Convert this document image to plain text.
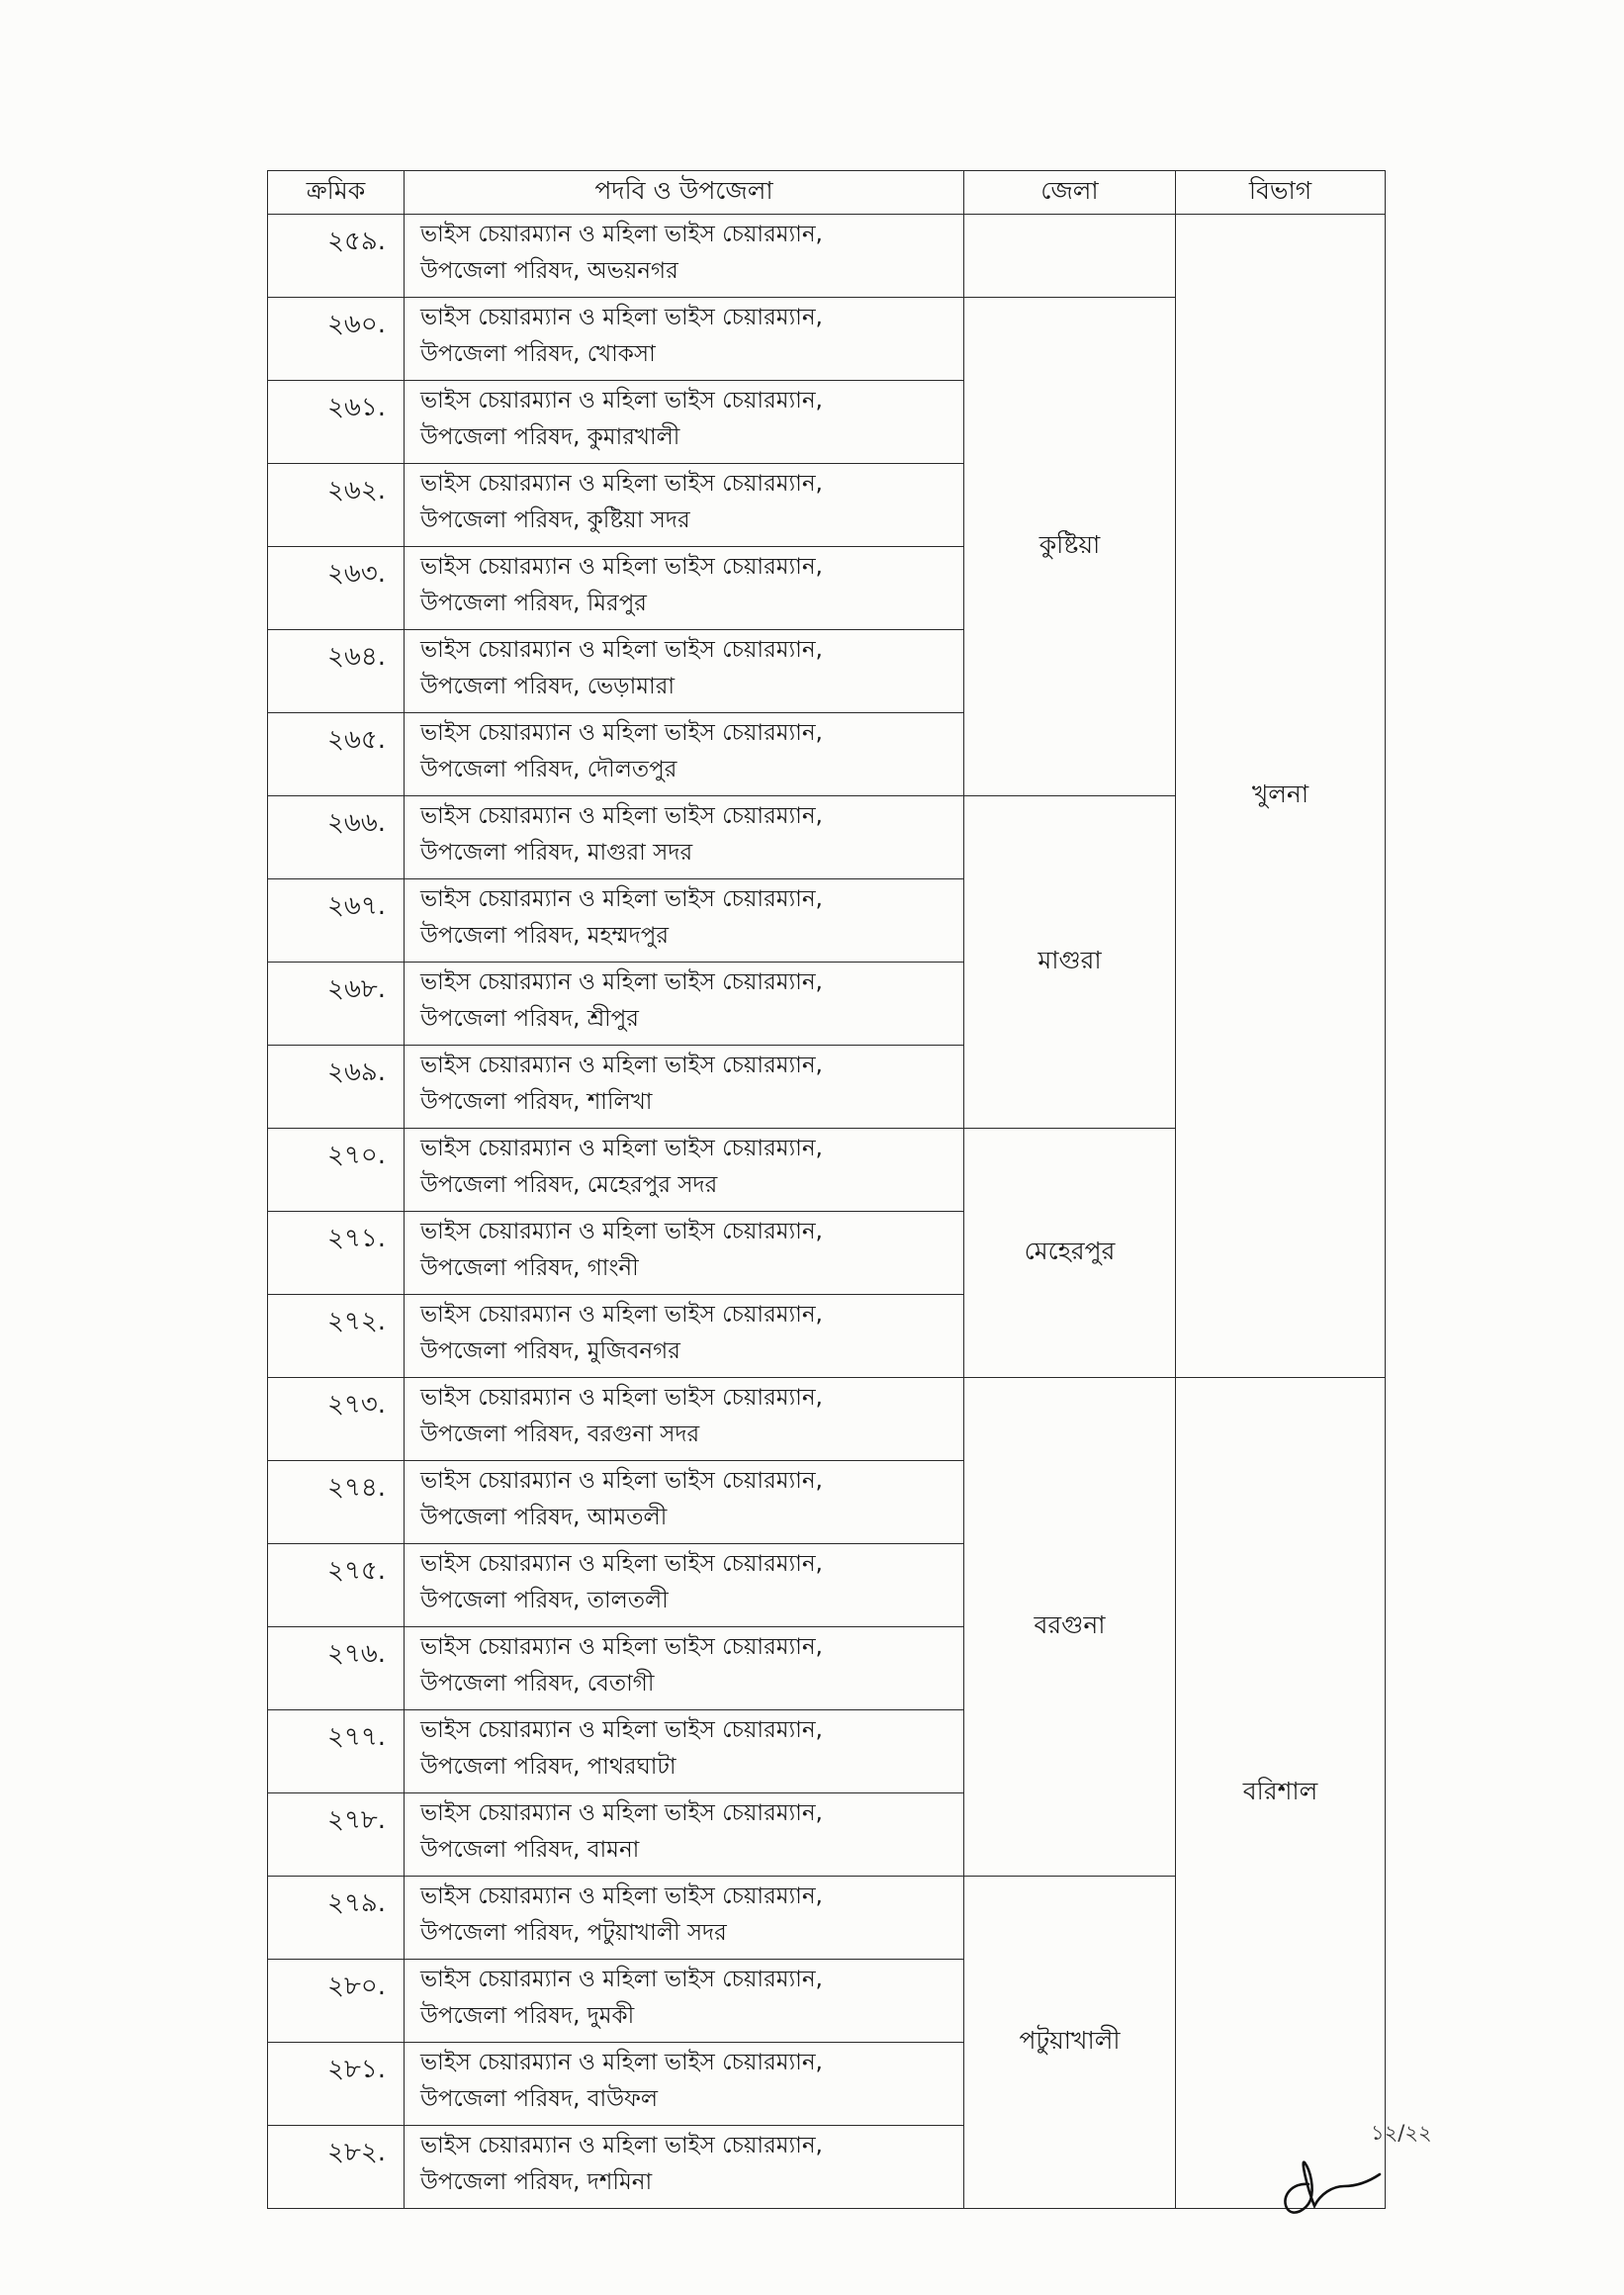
ক্রমিক	পদবি ও উপজেলা	জেলা	বিভাগ
২৫৯.	ভাইস চেয়ারম্যান ও মহিলা ভাইস চেয়ারম্যান,
উপজেলা পরিষদ, অভয়নগর		খুলনা
২৬০.	ভাইস চেয়ারম্যান ও মহিলা ভাইস চেয়ারম্যান,
উপজেলা পরিষদ, খোকসা	কুষ্টিয়া	
২৬১.	ভাইস চেয়ারম্যান ও মহিলা ভাইস চেয়ারম্যান,
উপজেলা পরিষদ, কুমারখালী		

২৬২.	ভাইস চেয়ারম্যান ও মহিলা ভাইস চেয়ারম্যান,
উপজেলা পরিষদ, কুষ্টিয়া সদর		

২৬৩.	ভাইস চেয়ারম্যান ও মহিলা ভাইস চেয়ারম্যান,
উপজেলা পরিষদ, মিরপুর		

২৬৪.	ভাইস চেয়ারম্যান ও মহিলা ভাইস চেয়ারম্যান,
উপজেলা পরিষদ, ভেড়ামারা		

২৬৫.	ভাইস চেয়ারম্যান ও মহিলা ভাইস চেয়ারম্যান,
উপজেলা পরিষদ, দৌলতপুর		

২৬৬.	ভাইস চেয়ারম্যান ও মহিলা ভাইস চেয়ারম্যান,
উপজেলা পরিষদ, মাগুরা সদর	মাগুরা	
২৬৭.	ভাইস চেয়ারম্যান ও মহিলা ভাইস চেয়ারম্যান,
উপজেলা পরিষদ, মহম্মদপুর		

২৬৮.	ভাইস চেয়ারম্যান ও মহিলা ভাইস চেয়ারম্যান,
উপজেলা পরিষদ, শ্রীপুর		

২৬৯.	ভাইস চেয়ারম্যান ও মহিলা ভাইস চেয়ারম্যান,
উপজেলা পরিষদ, শালিখা		

২৭০.	ভাইস চেয়ারম্যান ও মহিলা ভাইস চেয়ারম্যান,
উপজেলা পরিষদ, মেহেরপুর সদর	মেহেরপুর	
২৭১.	ভাইস চেয়ারম্যান ও মহিলা ভাইস চেয়ারম্যান,
উপজেলা পরিষদ, গাংনী		

২৭২.	ভাইস চেয়ারম্যান ও মহিলা ভাইস চেয়ারম্যান,
উপজেলা পরিষদ, মুজিবনগর		

২৭৩.	ভাইস চেয়ারম্যান ও মহিলা ভাইস চেয়ারম্যান,
উপজেলা পরিষদ, বরগুনা সদর	বরগুনা	বরিশাল
২৭৪.	ভাইস চেয়ারম্যান ও মহিলা ভাইস চেয়ারম্যান,
উপজেলা পরিষদ, আমতলী		

২৭৫.	ভাইস চেয়ারম্যান ও মহিলা ভাইস চেয়ারম্যান,
উপজেলা পরিষদ, তালতলী		

২৭৬.	ভাইস চেয়ারম্যান ও মহিলা ভাইস চেয়ারম্যান,
উপজেলা পরিষদ, বেতাগী		

২৭৭.	ভাইস চেয়ারম্যান ও মহিলা ভাইস চেয়ারম্যান,
উপজেলা পরিষদ, পাথরঘাটা		

২৭৮.	ভাইস চেয়ারম্যান ও মহিলা ভাইস চেয়ারম্যান,
উপজেলা পরিষদ, বামনা		

২৭৯.	ভাইস চেয়ারম্যান ও মহিলা ভাইস চেয়ারম্যান,
উপজেলা পরিষদ, পটুয়াখালী সদর	পটুয়াখালী	
২৮০.	ভাইস চেয়ারম্যান ও মহিলা ভাইস চেয়ারম্যান,
উপজেলা পরিষদ, দুমকী		

২৮১.	ভাইস চেয়ারম্যান ও মহিলা ভাইস চেয়ারম্যান,
উপজেলা পরিষদ, বাউফল		

২৮২.	ভাইস চেয়ারম্যান ও মহিলা ভাইস চেয়ারম্যান,
উপজেলা পরিষদ, দশমিনা		
১২/২২
